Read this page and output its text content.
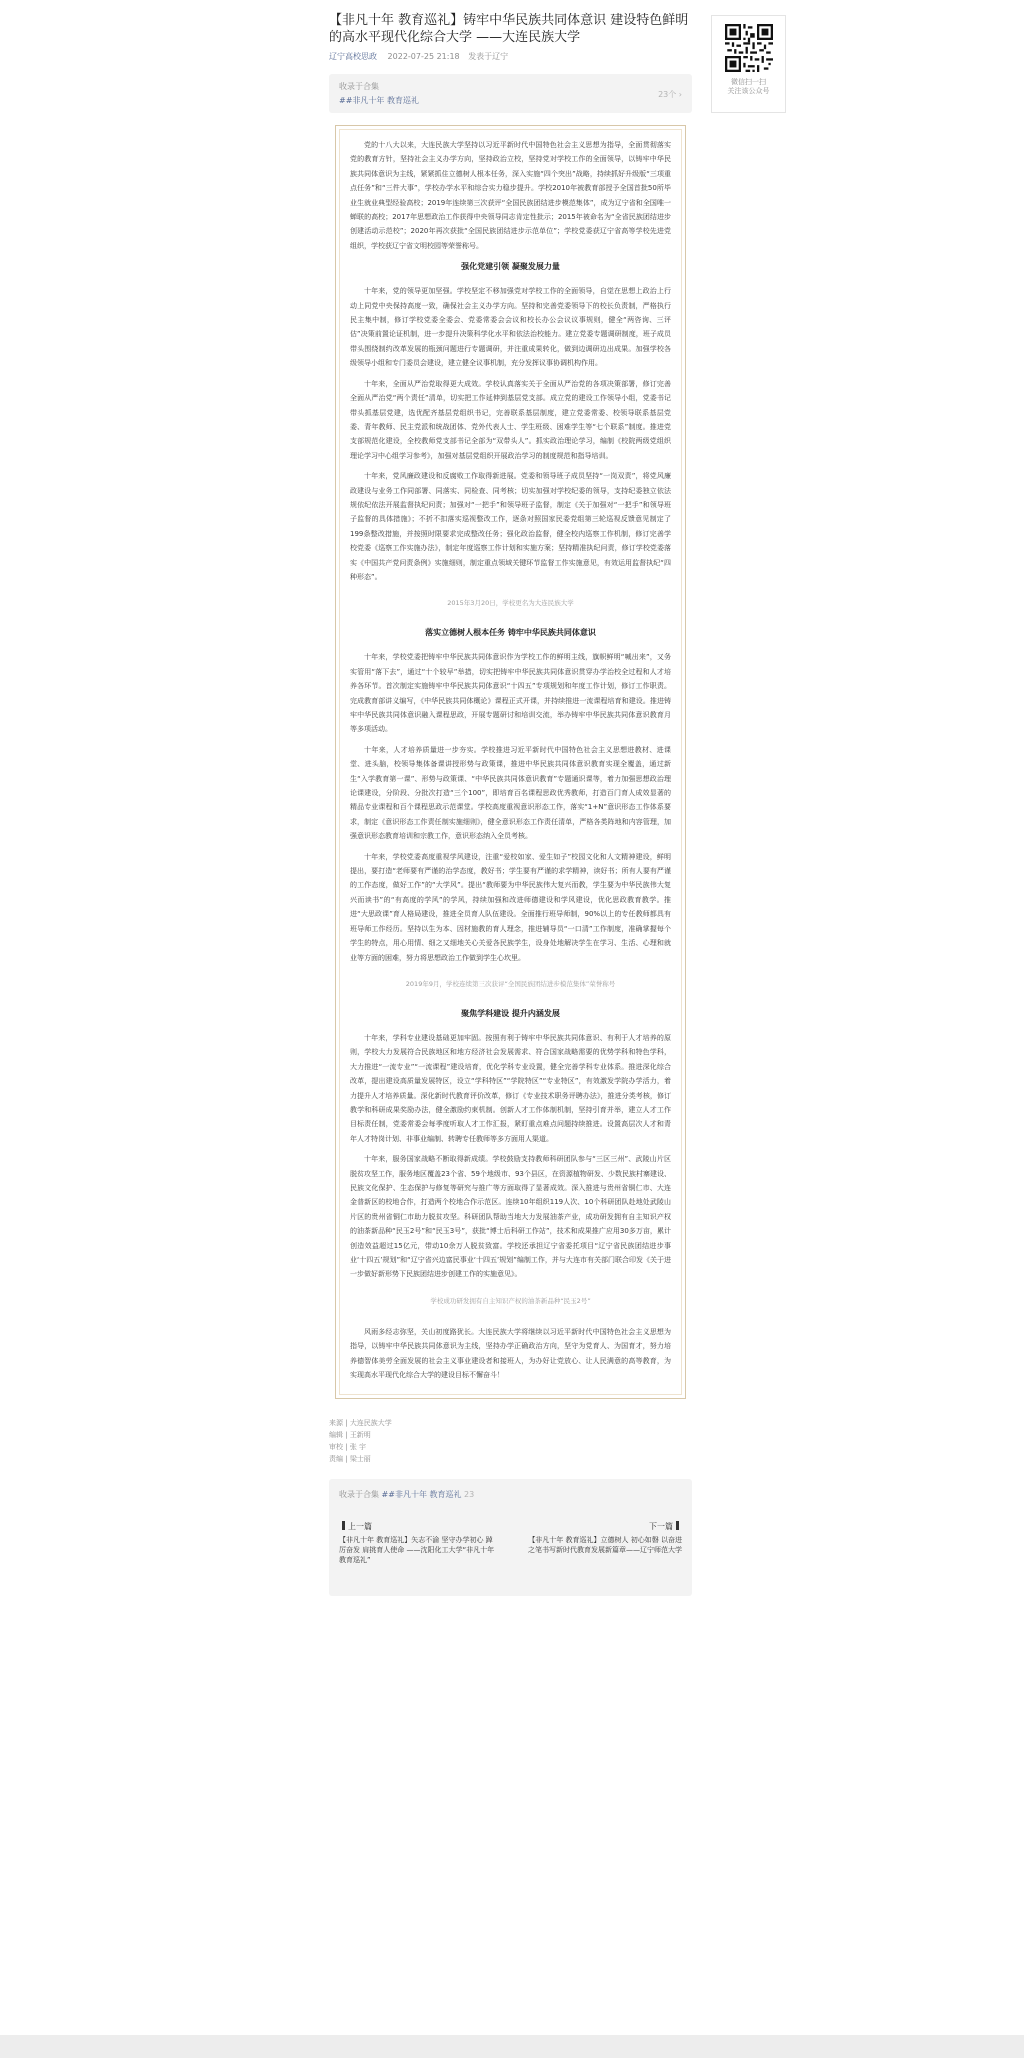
【非凡十年 教育巡礼】铸牢中华民族共同体意识 建设特色鲜明的高水平现代化综合大学 ——大连民族大学
辽宁高校思政 2022-07-25 21:18 发表于辽宁
收录于合集
##非凡十年 教育巡礼
23个 ›

党的十八大以来，大连民族大学坚持以习近平新时代中国特色社会主义思想为指导，全面贯彻落实党的教育方针，坚持社会主义办学方向，坚持政治立校，坚持党对学校工作的全面领导，以铸牢中华民族共同体意识为主线，紧紧抓住立德树人根本任务，深入实施“四个突出”战略，持续抓好升级版“三项重点任务”和“三件大事”，学校办学水平和综合实力稳步提升。学校2010年被教育部授予全国首批50所毕业生就业典型经验高校；2019年连续第三次获评“全国民族团结进步模范集体”，成为辽宁省和全国唯一蝉联的高校；2017年思想政治工作获得中央领导同志肯定性批示；2015年被命名为“全省民族团结进步创建活动示范校”；2020年再次获批“全国民族团结进步示范单位”；学校党委获辽宁省高等学校先进党组织，学校获辽宁省文明校园等荣誉称号。

强化党建引领 凝聚发展力量

十年来，党的领导更加坚强。学校坚定不移加强党对学校工作的全面领导，自觉在思想上政治上行动上同党中央保持高度一致，确保社会主义办学方向。坚持和完善党委领导下的校长负责制，严格执行民主集中制，修订学校党委全委会、党委常委会会议和校长办公会议议事规则，健全“两咨询、三评估”决策前置论证机制，进一步提升决策科学化水平和依法治校能力。建立党委专题调研制度，班子成员带头围绕制约改革发展的瓶颈问题进行专题调研，并注重成果转化，做到边调研边出成果。加强学校各级领导小组和专门委员会建设，建立健全议事机制，充分发挥议事协调机构作用。

十年来，全面从严治党取得更大成效。学校认真落实关于全面从严治党的各项决策部署，修订完善全面从严治党“两个责任”清单，切实把工作延伸到基层党支部。成立党的建设工作领导小组，党委书记带头抓基层党建，选优配齐基层党组织书记，完善联系基层制度，建立党委常委、校领导联系基层党委、青年教师、民主党派和统战团体、党外代表人士、学生班级、困难学生等“七个联系”制度。推进党支部规范化建设，全校教师党支部书记全部为“双带头人”。抓实政治理论学习，编制《校院两级党组织理论学习中心组学习参考》，加强对基层党组织开展政治学习的制度规范和指导培训。

十年来，党风廉政建设和反腐败工作取得新进展。党委和领导班子成员坚持“一岗双责”，将党风廉政建设与业务工作同部署、同落实、同检查、同考核；切实加强对学校纪委的领导，支持纪委独立依法规依纪依法开展监督执纪问责；加强对“一把手”和领导班子监督，制定《关于加强对“一把手”和领导班子监督的具体措施》；不折不扣落实巡视整改工作，逐条对照国家民委党组第三轮巡视反馈意见制定了199条整改措施，并按照时限要求完成整改任务；强化政治监督，健全校内巡察工作机制，修订完善学校党委《巡察工作实施办法》，制定年度巡察工作计划和实施方案；坚持精准执纪问责，修订学校党委落实《中国共产党问责条例》实施细则，制定重点领域关键环节监督工作实施意见，有效运用监督执纪“四种形态”。

2015年3月20日，学校更名为大连民族大学
落实立德树人根本任务 铸牢中华民族共同体意识

十年来，学校党委把铸牢中华民族共同体意识作为学校工作的鲜明主线，旗帜鲜明“喊出来”，又务实管用“落下去”，通过“十个较早”举措，切实把铸牢中华民族共同体意识贯穿办学治校全过程和人才培养各环节。首次制定实施铸牢中华民族共同体意识“十四五”专项规划和年度工作计划，修订工作职责。完成教育部讲义编写，《中华民族共同体概论》课程正式开课，并持续推进一流课程培育和建设。推进铸牢中华民族共同体意识融入课程思政，开展专题研讨和培训交流，举办铸牢中华民族共同体意识教育月等多项活动。

十年来，人才培养质量进一步夯实。学校推进习近平新时代中国特色社会主义思想进教材、进课堂、进头脑，校领导集体备课讲授形势与政策课，推进中华民族共同体意识教育实现全覆盖，通过新生“入学教育第一课”、形势与政策课、“中华民族共同体意识教育”专题通识课等，着力加强思想政治理论课建设，分阶段、分批次打造“三个100”，即培育百名课程思政优秀教师，打造百门育人成效显著的精品专业课程和百个课程思政示范课堂。学校高度重视意识形态工作，落实“1+N”意识形态工作体系要求，制定《意识形态工作责任制实施细则》，健全意识形态工作责任清单，严格各类阵地和内容管理，加强意识形态教育培训和宗教工作，意识形态纳入全员考核。

十年来，学校党委高度重视学风建设，注重“爱校如家、爱生如子”校园文化和人文精神建设，鲜明提出，要打造“老师要有严谨的治学态度，教好书；学生要有严谨的求学精神，读好书；所有人要有严谨的工作态度，做好工作”的“大学风”。提出“教师要为中华民族伟大复兴而教，学生要为中华民族伟大复兴而读书”的“有高度的学风”的学风，持续加强和改进师德建设和学风建设，优化思政教育教学。推进“大思政课”育人格局建设，推进全员育人队伍建设。全面推行班导师制，90%以上的专任教师都具有班导师工作经历。坚持以生为本、因材施教的育人理念，推进辅导员“一口清”工作制度，准确掌握每个学生的特点，用心用情、细之又细地关心关爱各民族学生，设身处地解决学生在学习、生活、心理和就业等方面的困难，努力将思想政治工作做到学生心坎里。

2019年9月，学校连续第三次获评“全国民族团结进步模范集体”荣誉称号
聚焦学科建设 提升内涵发展

十年来，学科专业建设基础更加牢固。按照有利于铸牢中华民族共同体意识、有利于人才培养的原则，学校大力发展符合民族地区和地方经济社会发展需求、符合国家战略需要的优势学科和特色学科，大力推进“一流专业”“一流课程”建设培育，优化学科专业设置，健全完善学科专业体系。推进深化综合改革，提出建设高质量发展特区，设立“学科特区”“学院特区”“专业特区”，有效激发学院办学活力，着力提升人才培养质量。深化新时代教育评价改革，修订《专业技术职务评聘办法》，推进分类考核，修订教学和科研成果奖励办法，健全激励约束机制。创新人才工作体制机制，坚持引育并举，建立人才工作目标责任制，党委常委会每季度听取人才工作汇报，紧盯重点难点问题持续推进。设置高层次人才和青年人才特岗计划、非事业编制、转聘专任教师等多方面用人渠道。

十年来，服务国家战略不断取得新成绩。学校鼓励支持教师科研团队参与“三区三州”、武陵山片区脱贫攻坚工作，服务地区覆盖23个省、59个地级市、93个县区，在资源植物研发、少数民族村寨建设、民族文化保护、生态保护与修复等研究与推广等方面取得了显著成效。深入推进与贵州省铜仁市、大连金普新区的校地合作，打造两个校地合作示范区。连续10年组织119人次、10个科研团队赴地处武陵山片区的贵州省铜仁市助力脱贫攻坚。科研团队帮助当地大力发展油茶产业，成功研发拥有自主知识产权的油茶新品种“民玉2号”和“民玉3号”，获批“博士后科研工作站”，技术和成果推广应用30多万亩，累计创造效益超过15亿元，带动10余万人脱贫致富。学校还承担辽宁省委托项目“辽宁省民族团结进步事业‘十四五’规划”和“辽宁省兴边富民事业‘十四五’规划”编制工作，并与大连市有关部门联合印发《关于进一步做好新形势下民族团结进步创建工作的实施意见》。

学校成功研发拥有自主知识产权的油茶新品种“民玉2号”

风雨多经志弥坚，关山初度路犹长。大连民族大学将继续以习近平新时代中国特色社会主义思想为指导，以铸牢中华民族共同体意识为主线，坚持办学正确政治方向，坚守为党育人、为国育才，努力培养德智体美劳全面发展的社会主义事业建设者和接班人，为办好让党放心、让人民满意的高等教育，为实现高水平现代化综合大学的建设目标不懈奋斗！

来源 | 大连民族大学
编辑 | 王新明
审校 | 张 宇
责编 | 梁士丽
收录于合集 ##非凡十年 教育巡礼 23
上一篇
【非凡十年 教育巡礼】矢志不渝 坚守办学初心 踔厉奋发 肩挑育人使命 ——沈阳化工大学“非凡十年 教育巡礼”
下一篇
【非凡十年 教育巡礼】立德树人 初心如磐 以奋进之笔书写新时代教育发展新篇章——辽宁师范大学
微信扫一扫
关注该公众号
